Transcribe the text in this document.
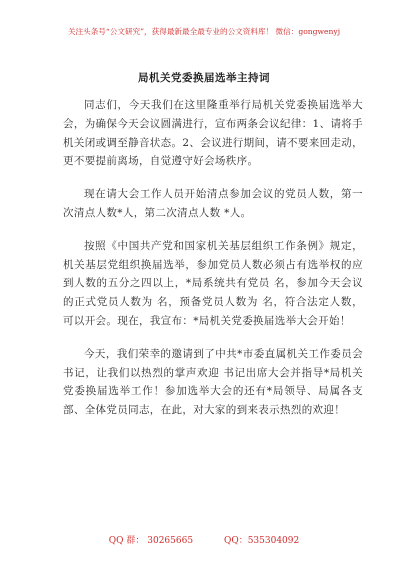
关注头条号“公文研究”，获得最新最全最专业的公文资料库！ 微信：gongwenyj
局机关党委换届选举主持词

同志们，今天我们在这里隆重举行局机关党委换届选举大会，为确保今天会议圆满进行，宣布两条会议纪律：1、请将手机关闭或调至静音状态。2、会议进行期间，请不要来回走动，更不要提前离场，自觉遵守好会场秩序。

现在请大会工作人员开始清点参加会议的党员人数，第一次清点人数*人，第二次清点人数 *人。

按照《中国共产党和国家机关基层组织工作条例》规定，机关基层党组织换届选举，参加党员人数必须占有选举权的应到人数的五分之四以上，*局系统共有党员 名，参加今天会议的正式党员人数为 名，预备党员人数为 名，符合法定人数，可以开会。现在，我宣布：*局机关党委换届选举大会开始！

今天，我们荣幸的邀请到了中共*市委直属机关工作委员会 书记，让我们以热烈的掌声欢迎 书记出席大会并指导*局机关党委换届选举工作！参加选举大会的还有*局领导、局属各支部、全体党员同志，在此，对大家的到来表示热烈的欢迎！

QQ 群： 30265665	QQ：535304092
